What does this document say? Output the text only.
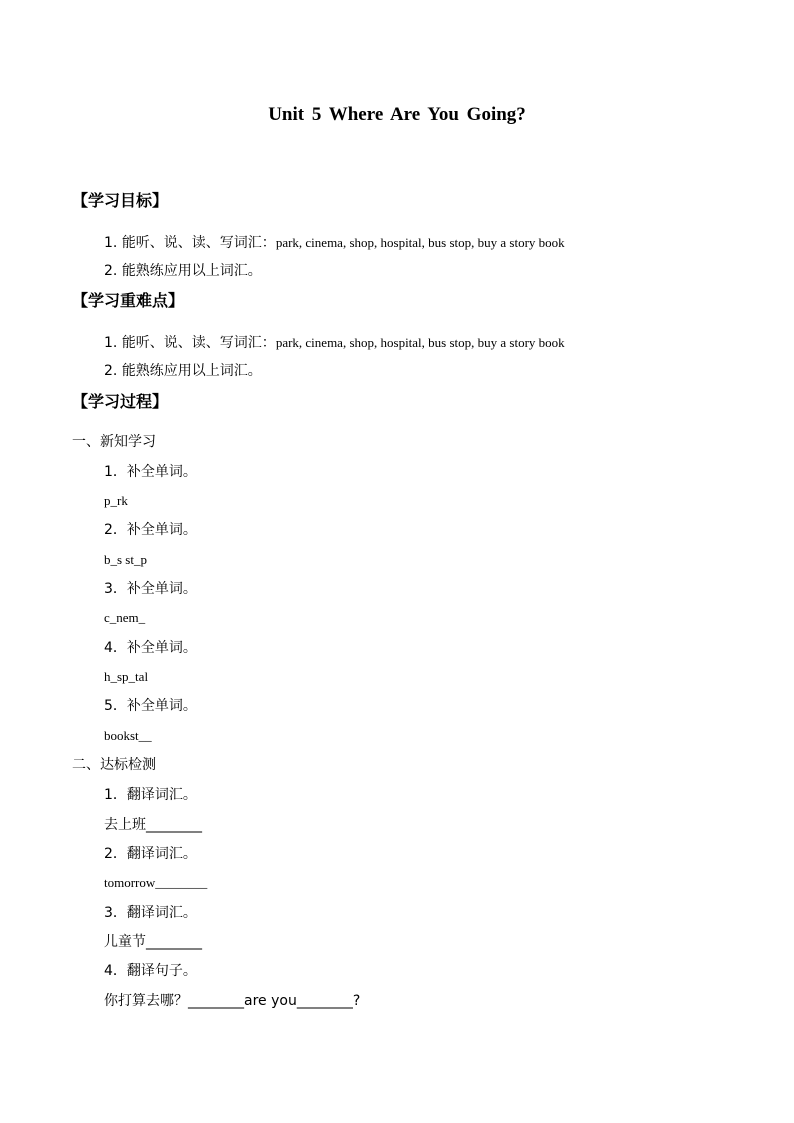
Unit 5 Where Are You Going?
【学习目标】
1. 能听、说、读、写词汇：park, cinema, shop, hospital, bus stop, buy a story book
2. 能熟练应用以上词汇。
【学习重难点】
1. 能听、说、读、写词汇：park, cinema, shop, hospital, bus stop, buy a story book
2. 能熟练应用以上词汇。
【学习过程】
一、新知学习
1．补全单词。
p_rk
2．补全单词。
b_s st_p
3．补全单词。
c_nem_
4．补全单词。
h_sp_tal
5．补全单词。
bookst__
二、达标检测
1．翻译词汇。
去上班________
2．翻译词汇。
tomorrow________
3．翻译词汇。
儿童节________
4．翻译句子。
你打算去哪？________are you________?
